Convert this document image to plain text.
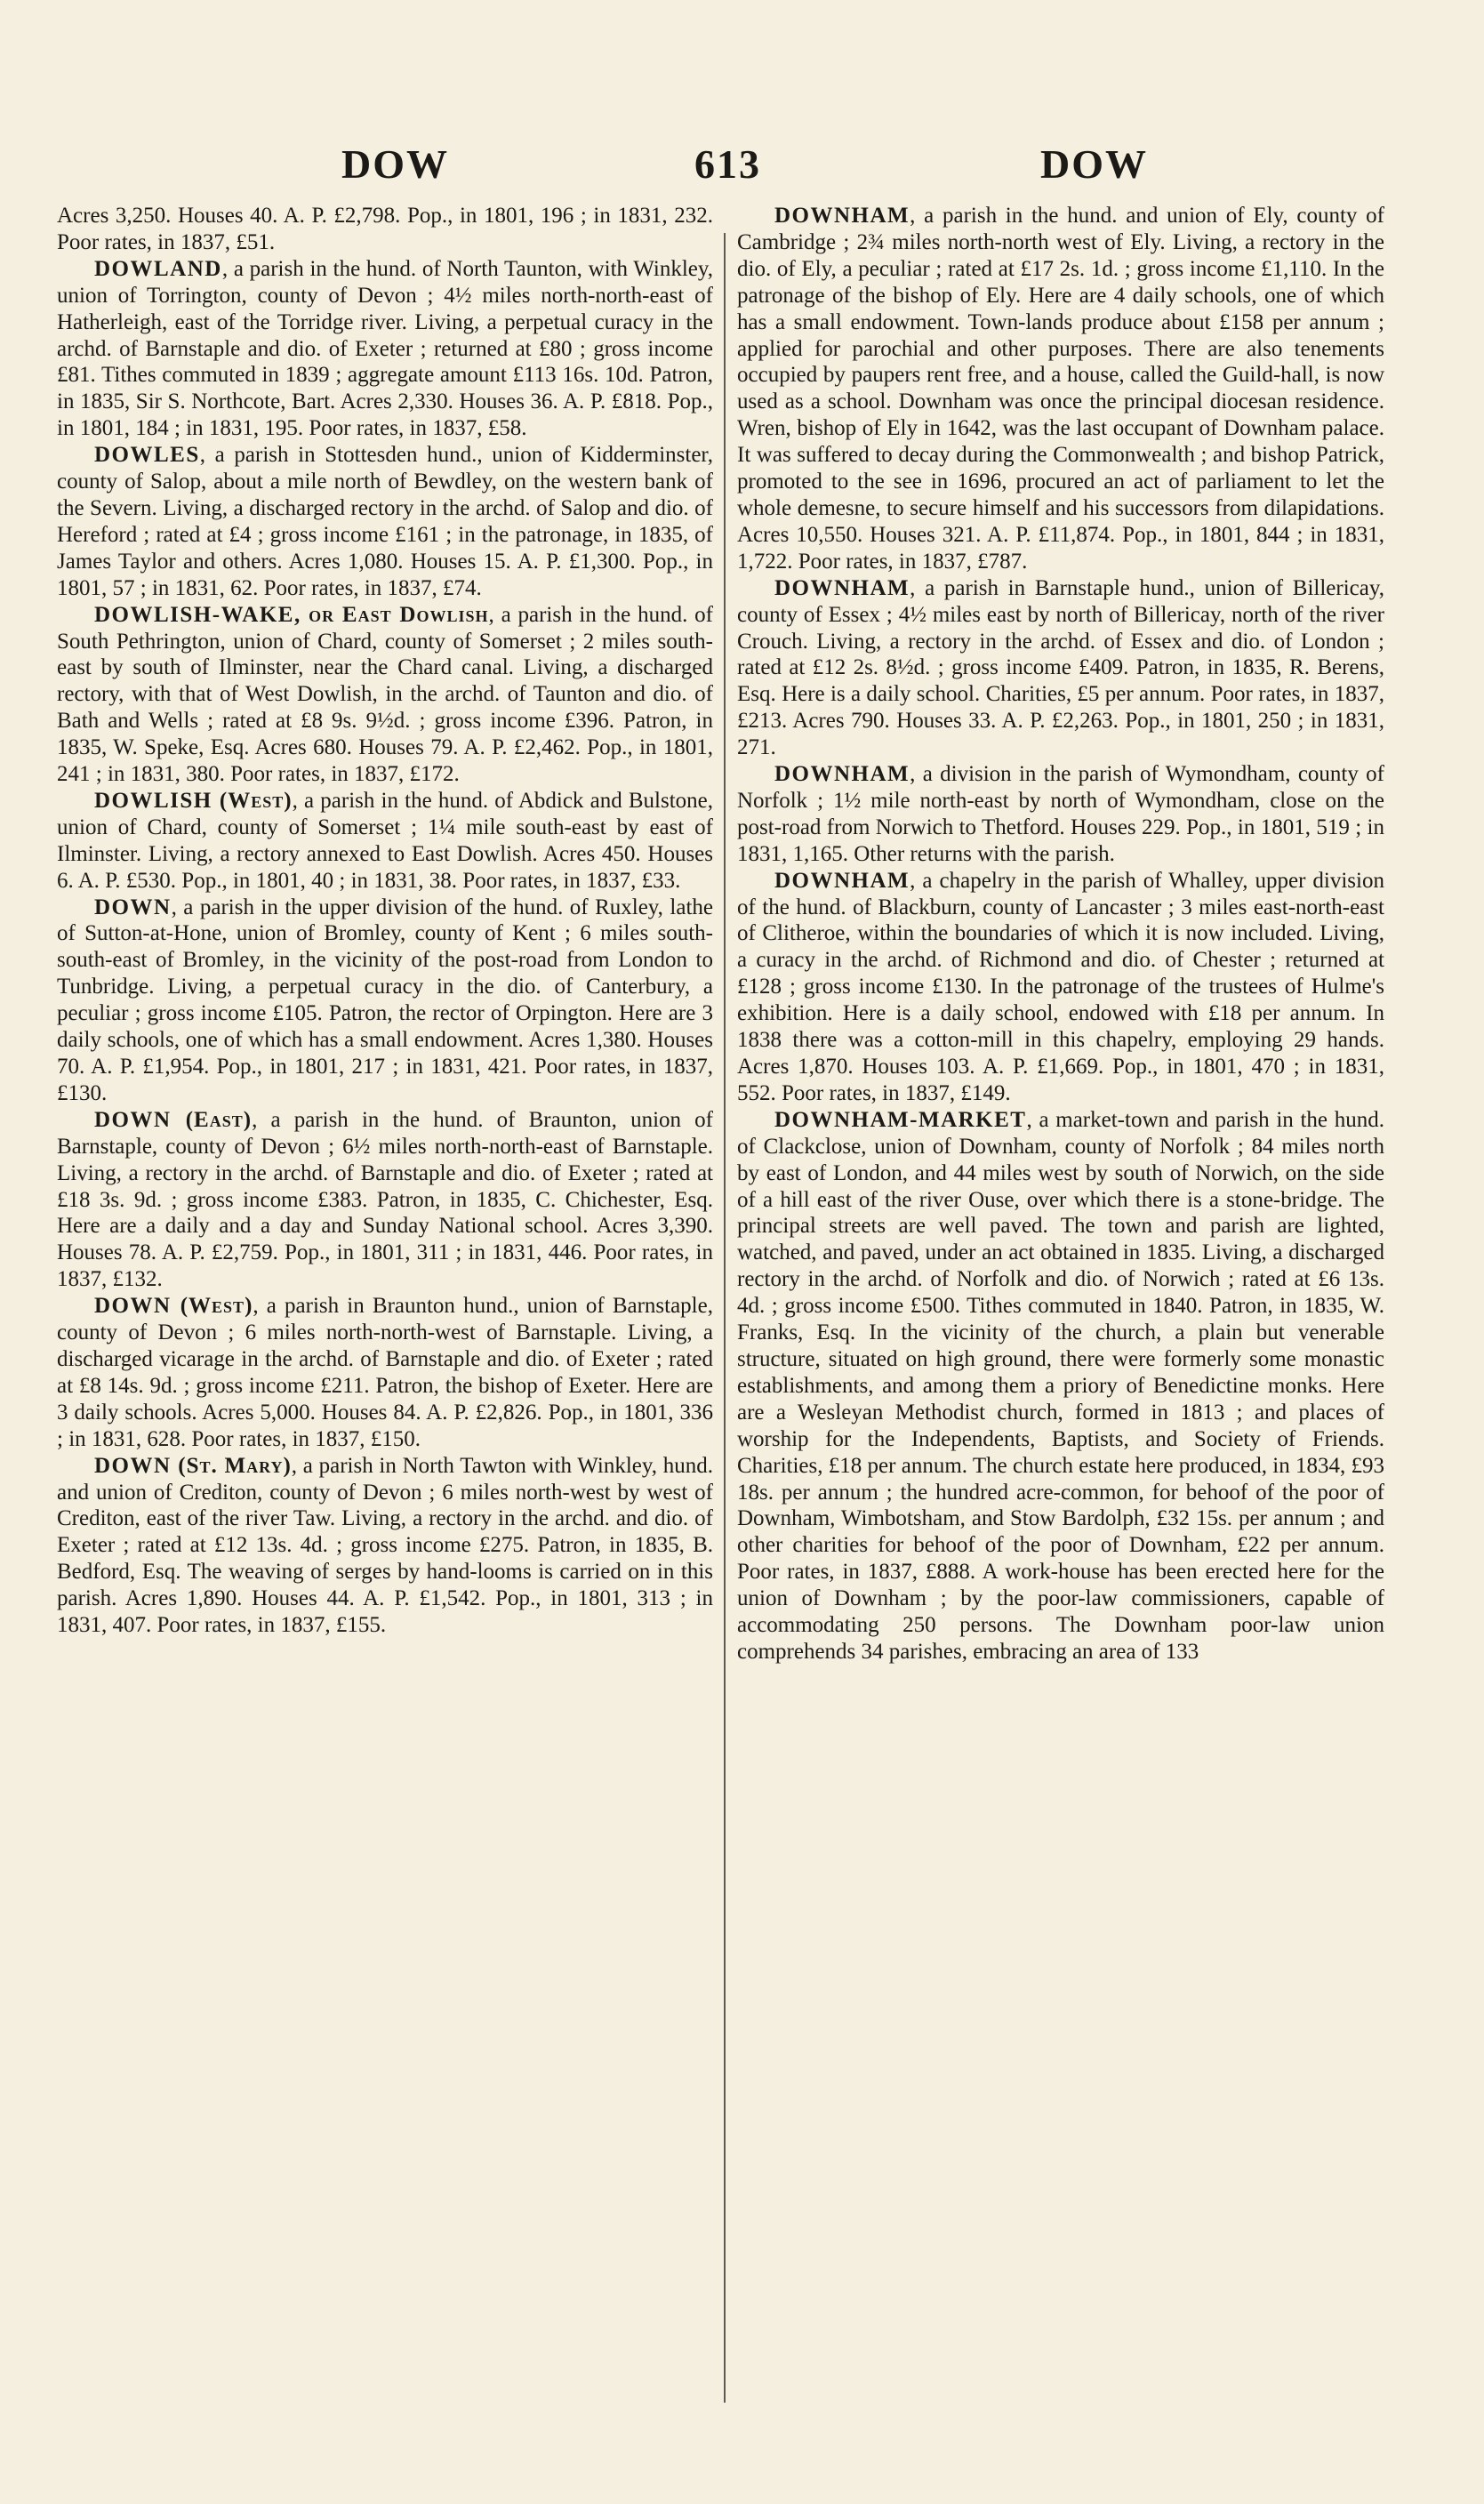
DOW	613	DOW

Acres 3,250. Houses 40. A. P. £2,798. Pop., in 1801, 196 ; in 1831, 232. Poor rates, in 1837, £51.

DOWLAND, a parish in the hund. of North Taunton, with Winkley, union of Torrington, county of Devon ; 4½ miles north-north-east of Hatherleigh, east of the Torridge river. Living, a perpetual curacy in the archd. of Barnstaple and dio. of Exeter ; returned at £80 ; gross income £81. Tithes commuted in 1839 ; aggregate amount £113 16s. 10d. Patron, in 1835, Sir S. Northcote, Bart. Acres 2,330. Houses 36. A. P. £818. Pop., in 1801, 184 ; in 1831, 195. Poor rates, in 1837, £58.

DOWLES, a parish in Stottesden hund., union of Kidderminster, county of Salop, about a mile north of Bewdley, on the western bank of the Severn. Living, a discharged rectory in the archd. of Salop and dio. of Hereford ; rated at £4 ; gross income £161 ; in the patronage, in 1835, of James Taylor and others. Acres 1,080. Houses 15. A. P. £1,300. Pop., in 1801, 57 ; in 1831, 62. Poor rates, in 1837, £74.

DOWLISH-WAKE, or East Dowlish, a parish in the hund. of South Pethrington, union of Chard, county of Somerset ; 2 miles south-east by south of Ilminster, near the Chard canal. Living, a discharged rectory, with that of West Dowlish, in the archd. of Taunton and dio. of Bath and Wells ; rated at £8 9s. 9½d. ; gross income £396. Patron, in 1835, W. Speke, Esq. Acres 680. Houses 79. A. P. £2,462. Pop., in 1801, 241 ; in 1831, 380. Poor rates, in 1837, £172.

DOWLISH (West), a parish in the hund. of Abdick and Bulstone, union of Chard, county of Somerset ; 1¼ mile south-east by east of Ilminster. Living, a rectory annexed to East Dowlish. Acres 450. Houses 6. A. P. £530. Pop., in 1801, 40 ; in 1831, 38. Poor rates, in 1837, £33.

DOWN, a parish in the upper division of the hund. of Ruxley, lathe of Sutton-at-Hone, union of Bromley, county of Kent ; 6 miles south-south-east of Bromley, in the vicinity of the post-road from London to Tunbridge. Living, a perpetual curacy in the dio. of Canterbury, a peculiar ; gross income £105. Patron, the rector of Orpington. Here are 3 daily schools, one of which has a small endowment. Acres 1,380. Houses 70. A. P. £1,954. Pop., in 1801, 217 ; in 1831, 421. Poor rates, in 1837, £130.

DOWN (East), a parish in the hund. of Braunton, union of Barnstaple, county of Devon ; 6½ miles north-north-east of Barnstaple. Living, a rectory in the archd. of Barnstaple and dio. of Exeter ; rated at £18 3s. 9d. ; gross income £383. Patron, in 1835, C. Chichester, Esq. Here are a daily and a day and Sunday National school. Acres 3,390. Houses 78. A. P. £2,759. Pop., in 1801, 311 ; in 1831, 446. Poor rates, in 1837, £132.

DOWN (West), a parish in Braunton hund., union of Barnstaple, county of Devon ; 6 miles north-north-west of Barnstaple. Living, a discharged vicarage in the archd. of Barnstaple and dio. of Exeter ; rated at £8 14s. 9d. ; gross income £211. Patron, the bishop of Exeter. Here are 3 daily schools. Acres 5,000. Houses 84. A. P. £2,826. Pop., in 1801, 336 ; in 1831, 628. Poor rates, in 1837, £150.

DOWN (St. Mary), a parish in North Tawton with Winkley, hund. and union of Crediton, county of Devon ; 6 miles north-west by west of Crediton, east of the river Taw. Living, a rectory in the archd. and dio. of Exeter ; rated at £12 13s. 4d. ; gross income £275. Patron, in 1835, B. Bedford, Esq. The weaving of serges by hand-looms is carried on in this parish. Acres 1,890. Houses 44. A. P. £1,542. Pop., in 1801, 313 ; in 1831, 407. Poor rates, in 1837, £155.

DOWNHAM, a parish in the hund. and union of Ely, county of Cambridge ; 2¾ miles north-north west of Ely. Living, a rectory in the dio. of Ely, a peculiar ; rated at £17 2s. 1d. ; gross income £1,110. In the patronage of the bishop of Ely. Here are 4 daily schools, one of which has a small endowment. Town-lands produce about £158 per annum ; applied for parochial and other purposes. There are also tenements occupied by paupers rent free, and a house, called the Guild-hall, is now used as a school. Downham was once the principal diocesan residence. Wren, bishop of Ely in 1642, was the last occupant of Downham palace. It was suffered to decay during the Commonwealth ; and bishop Patrick, promoted to the see in 1696, procured an act of parliament to let the whole demesne, to secure himself and his successors from dilapidations. Acres 10,550. Houses 321. A. P. £11,874. Pop., in 1801, 844 ; in 1831, 1,722. Poor rates, in 1837, £787.

DOWNHAM, a parish in Barnstaple hund., union of Billericay, county of Essex ; 4½ miles east by north of Billericay, north of the river Crouch. Living, a rectory in the archd. of Essex and dio. of London ; rated at £12 2s. 8½d. ; gross income £409. Patron, in 1835, R. Berens, Esq. Here is a daily school. Charities, £5 per annum. Poor rates, in 1837, £213. Acres 790. Houses 33. A. P. £2,263. Pop., in 1801, 250 ; in 1831, 271.

DOWNHAM, a division in the parish of Wymondham, county of Norfolk ; 1½ mile north-east by north of Wymondham, close on the post-road from Norwich to Thetford. Houses 229. Pop., in 1801, 519 ; in 1831, 1,165. Other returns with the parish.

DOWNHAM, a chapelry in the parish of Whalley, upper division of the hund. of Blackburn, county of Lancaster ; 3 miles east-north-east of Clitheroe, within the boundaries of which it is now included. Living, a curacy in the archd. of Richmond and dio. of Chester ; returned at £128 ; gross income £130. In the patronage of the trustees of Hulme's exhibition. Here is a daily school, endowed with £18 per annum. In 1838 there was a cotton-mill in this chapelry, employing 29 hands. Acres 1,870. Houses 103. A. P. £1,669. Pop., in 1801, 470 ; in 1831, 552. Poor rates, in 1837, £149.

DOWNHAM-MARKET, a market-town and parish in the hund. of Clackclose, union of Downham, county of Norfolk ; 84 miles north by east of London, and 44 miles west by south of Norwich, on the side of a hill east of the river Ouse, over which there is a stone-bridge. The principal streets are well paved. The town and parish are lighted, watched, and paved, under an act obtained in 1835. Living, a discharged rectory in the archd. of Norfolk and dio. of Norwich ; rated at £6 13s. 4d. ; gross income £500. Tithes commuted in 1840. Patron, in 1835, W. Franks, Esq. In the vicinity of the church, a plain but venerable structure, situated on high ground, there were formerly some monastic establishments, and among them a priory of Benedictine monks. Here are a Wesleyan Methodist church, formed in 1813 ; and places of worship for the Independents, Baptists, and Society of Friends. Charities, £18 per annum. The church estate here produced, in 1834, £93 18s. per annum ; the hundred acre-common, for behoof of the poor of Downham, Wimbotsham, and Stow Bardolph, £32 15s. per annum ; and other charities for behoof of the poor of Downham, £22 per annum. Poor rates, in 1837, £888. A work-house has been erected here for the union of Downham ; by the poor-law commissioners, capable of accommodating 250 persons. The Downham poor-law union comprehends 34 parishes, embracing an area of 133
